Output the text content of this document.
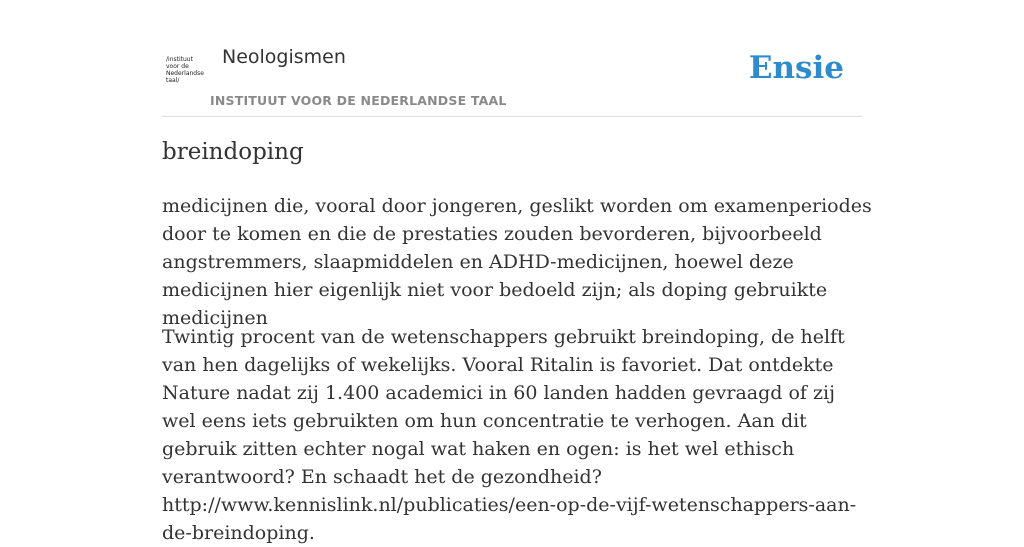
/instituut
voor de
Nederlandse
taal/
Neologismen
INSTITUUT VOOR DE NEDERLANDSE TAAL
Ensie
breindoping

medicijnen die, vooral door jongeren, geslikt worden om examenperiodes door te komen en die de prestaties zouden bevorderen, bijvoorbeeld angstremmers, slaapmiddelen en ADHD-medicijnen, hoewel deze medicijnen hier eigenlijk niet voor bedoeld zijn; als doping gebruikte medicijnen

Twintig procent van de wetenschappers gebruikt breindoping, de helft van hen dagelijks of wekelijks. Vooral Ritalin is favoriet. Dat ontdekte Nature nadat zij 1.400 academici in 60 landen hadden gevraagd of zij wel eens iets gebruikten om hun concentratie te verhogen. Aan dit gebruik zitten echter nogal wat haken en ogen: is het wel ethisch verantwoord? En schaadt het de gezondheid? http://www.kennislink.nl/publicaties/een-op-de-vijf-wetenschappers-aan-de-breindoping.
